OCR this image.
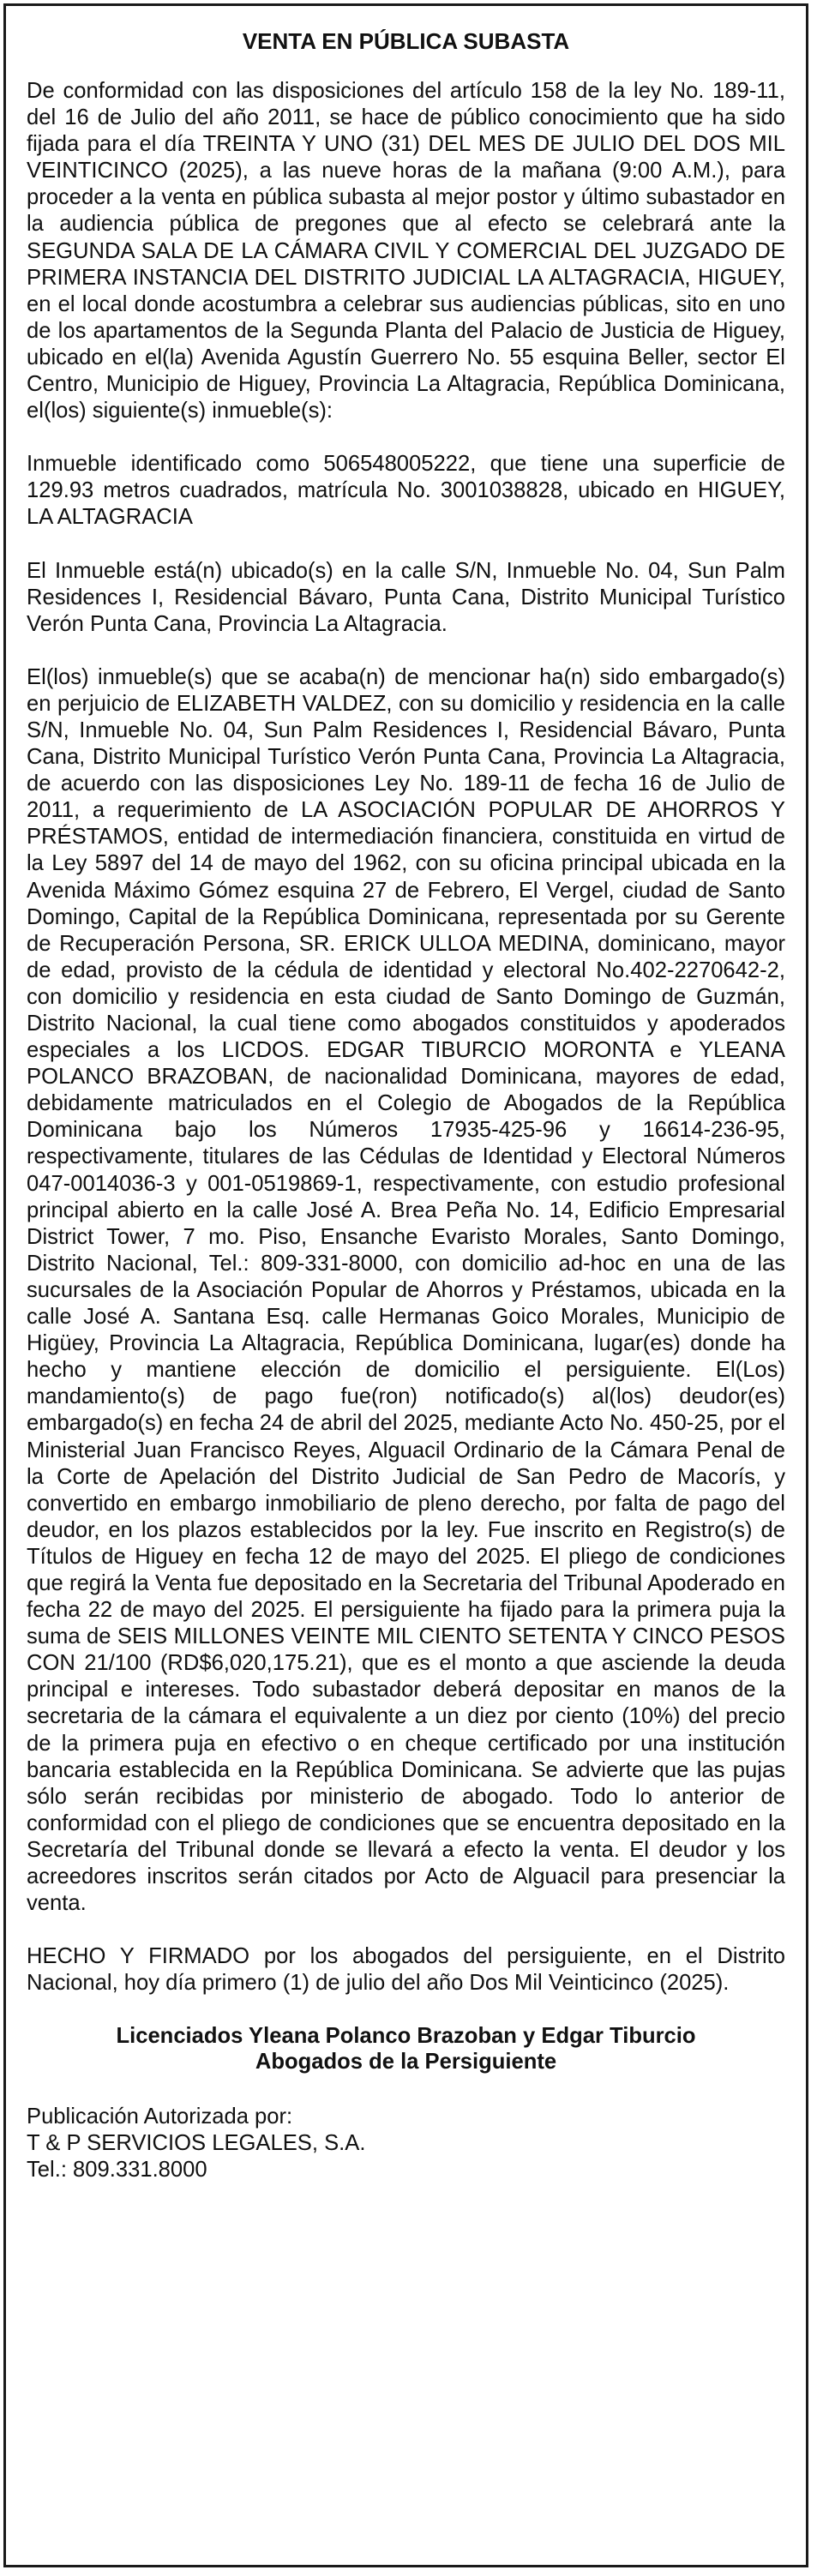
VENTA EN PÚBLICA SUBASTA

De conformidad con las disposiciones del artículo 158 de la ley No. 189-11, del 16 de Julio del año 2011, se hace de público conocimiento que ha sido fijada para el día TREINTA Y UNO (31) DEL MES DE JULIO DEL DOS MIL VEINTICINCO (2025), a las nueve horas de la mañana (9:00 A.M.), para proceder a la venta en pública subasta al mejor postor y último subastador en la audiencia pública de pregones que al efecto se celebrará ante la SEGUNDA SALA DE LA CÁMARA CIVIL Y COMERCIAL DEL JUZGADO DE PRIMERA INSTANCIA DEL DISTRITO JUDICIAL LA ALTAGRACIA, HIGUEY, en el local donde acostumbra a celebrar sus audiencias públicas, sito en uno de los apartamentos de la Segunda Planta del Palacio de Justicia de Higuey, ubicado en el(la) Avenida Agustín Guerrero No. 55 esquina Beller, sector El Centro, Municipio de Higuey, Provincia La Altagracia, República Dominicana, el(los) siguiente(s) inmueble(s):

Inmueble identificado como 506548005222, que tiene una superficie de 129.93 metros cuadrados, matrícula No. 3001038828, ubicado en HIGUEY, LA ALTAGRACIA

El Inmueble está(n) ubicado(s) en la calle S/N, Inmueble No. 04, Sun Palm Residences I, Residencial Bávaro, Punta Cana, Distrito Municipal Turístico Verón Punta Cana, Provincia La Altagracia.

El(los) inmueble(s) que se acaba(n) de mencionar ha(n) sido embargado(s) en perjuicio de ELIZABETH VALDEZ, con su domicilio y residencia en la calle S/N, Inmueble No. 04, Sun Palm Residences I, Residencial Bávaro, Punta Cana, Distrito Municipal Turístico Verón Punta Cana, Provincia La Altagracia, de acuerdo con las disposiciones Ley No. 189-11 de fecha 16 de Julio de 2011, a requerimiento de LA ASOCIACIÓN POPULAR DE AHORROS Y PRÉSTAMOS, entidad de intermediación financiera, constituida en virtud de la Ley 5897 del 14 de mayo del 1962, con su oficina principal ubicada en la Avenida Máximo Gómez esquina 27 de Febrero, El Vergel, ciudad de Santo Domingo, Capital de la República Dominicana, representada por su Gerente de Recuperación Persona, SR. ERICK ULLOA MEDINA, dominicano, mayor de edad, provisto de la cédula de identidad y electoral No.402-2270642-2, con domicilio y residencia en esta ciudad de Santo Domingo de Guzmán, Distrito Nacional, la cual tiene como abogados constituidos y apoderados especiales a los LICDOS. EDGAR TIBURCIO MORONTA e YLEANA POLANCO BRAZOBAN, de nacionalidad Dominicana, mayores de edad, debidamente matriculados en el Colegio de Abogados de la República Dominicana bajo los Números 17935-425-96 y 16614-236-95, respectivamente, titulares de las Cédulas de Identidad y Electoral Números 047-0014036-3 y 001-0519869-1, respectivamente, con estudio profesional principal abierto en la calle José A. Brea Peña No. 14, Edificio Empresarial District Tower, 7 mo. Piso, Ensanche Evaristo Morales, Santo Domingo, Distrito Nacional, Tel.: 809-331-8000, con domicilio ad-hoc en una de las sucursales de la Asociación Popular de Ahorros y Préstamos, ubicada en la calle José A. Santana Esq. calle Hermanas Goico Morales, Municipio de Higüey, Provincia La Altagracia, República Dominicana, lugar(es) donde ha hecho y mantiene elección de domicilio el persiguiente. El(Los) mandamiento(s) de pago fue(ron) notificado(s) al(los) deudor(es) embargado(s) en fecha 24 de abril del 2025, mediante Acto No. 450-25, por el Ministerial Juan Francisco Reyes, Alguacil Ordinario de la Cámara Penal de la Corte de Apelación del Distrito Judicial de San Pedro de Macorís, y convertido en embargo inmobiliario de pleno derecho, por falta de pago del deudor, en los plazos establecidos por la ley. Fue inscrito en Registro(s) de Títulos de Higuey en fecha 12 de mayo del 2025. El pliego de condiciones que regirá la Venta fue depositado en la Secretaria del Tribunal Apoderado en fecha 22 de mayo del 2025. El persiguiente ha fijado para la primera puja la suma de SEIS MILLONES VEINTE MIL CIENTO SETENTA Y CINCO PESOS CON 21/100 (RD$6,020,175.21), que es el monto a que asciende la deuda principal e intereses. Todo subastador deberá depositar en manos de la secretaria de la cámara el equivalente a un diez por ciento (10%) del precio de la primera puja en efectivo o en cheque certificado por una institución bancaria establecida en la República Dominicana. Se advierte que las pujas sólo serán recibidas por ministerio de abogado. Todo lo anterior de conformidad con el pliego de condiciones que se encuentra depositado en la Secretaría del Tribunal donde se llevará a efecto la venta. El deudor y los acreedores inscritos serán citados por Acto de Alguacil para presenciar la venta.

HECHO Y FIRMADO por los abogados del persiguiente, en el Distrito Nacional, hoy día primero (1) de julio del año Dos Mil Veinticinco (2025).

Licenciados Yleana Polanco Brazoban y Edgar Tiburcio
Abogados de la Persiguiente
Publicación Autorizada por:
T & P SERVICIOS LEGALES, S.A.
Tel.: 809.331.8000
